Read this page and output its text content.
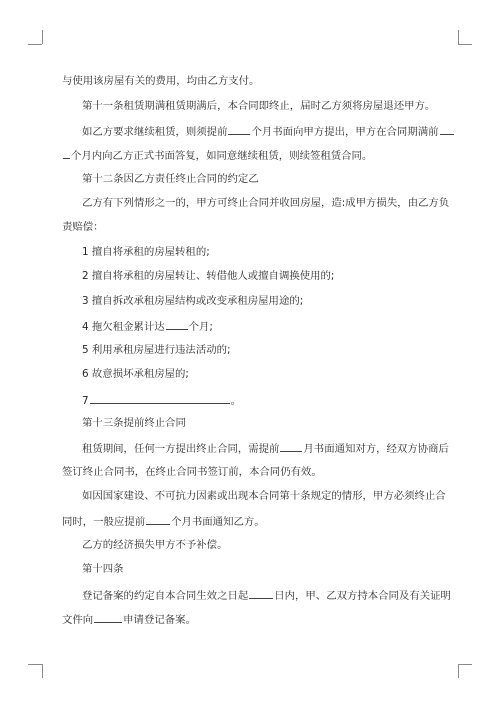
与使用该房屋有关的费用，均由乙方支付。
第十一条租赁期满租赁期满后，本合同即终止，届时乙方须将房屋退还甲方。
如乙方要求继续租赁，则须提前 个月书面向甲方提出，甲方在合同期满前
个月内向乙方正式书面答复，如同意继续租赁，则续签租赁合同。
第十二条因乙方责任终止合同的约定乙
乙方有下列情形之一的，甲方可终止合同并收回房屋，造:成甲方损失，由乙方负
责赔偿：
1 擅自将承租的房屋转租的;
2 擅自将承租的房屋转让、转借他人或擅自调换使用的;
3 擅自拆改承租房屋结构或改变承租房屋用途的;
4 拖欠租金累计达 个月;
5 利用承租房屋进行违法活动的;
6 故意损坏承租房屋的;
7	。
第十三条提前终止合同
租赁期间，任何一方提出终止合同，需提前 月书面通知对方，经双方协商后
签订终止合同书，在终止合同书签订前，本合同仍有效。
如因国家建设、不可抗力因素或出现本合同第十条规定的情形，甲方必须终止合
同时，一般应提前	个月书面通知乙方。
乙方的经济损失甲方不予补偿。
第十四条
登记备案的约定自本合同生效之日起	日内，甲、乙双方持本合同及有关证明
文件向	申请登记备案。
